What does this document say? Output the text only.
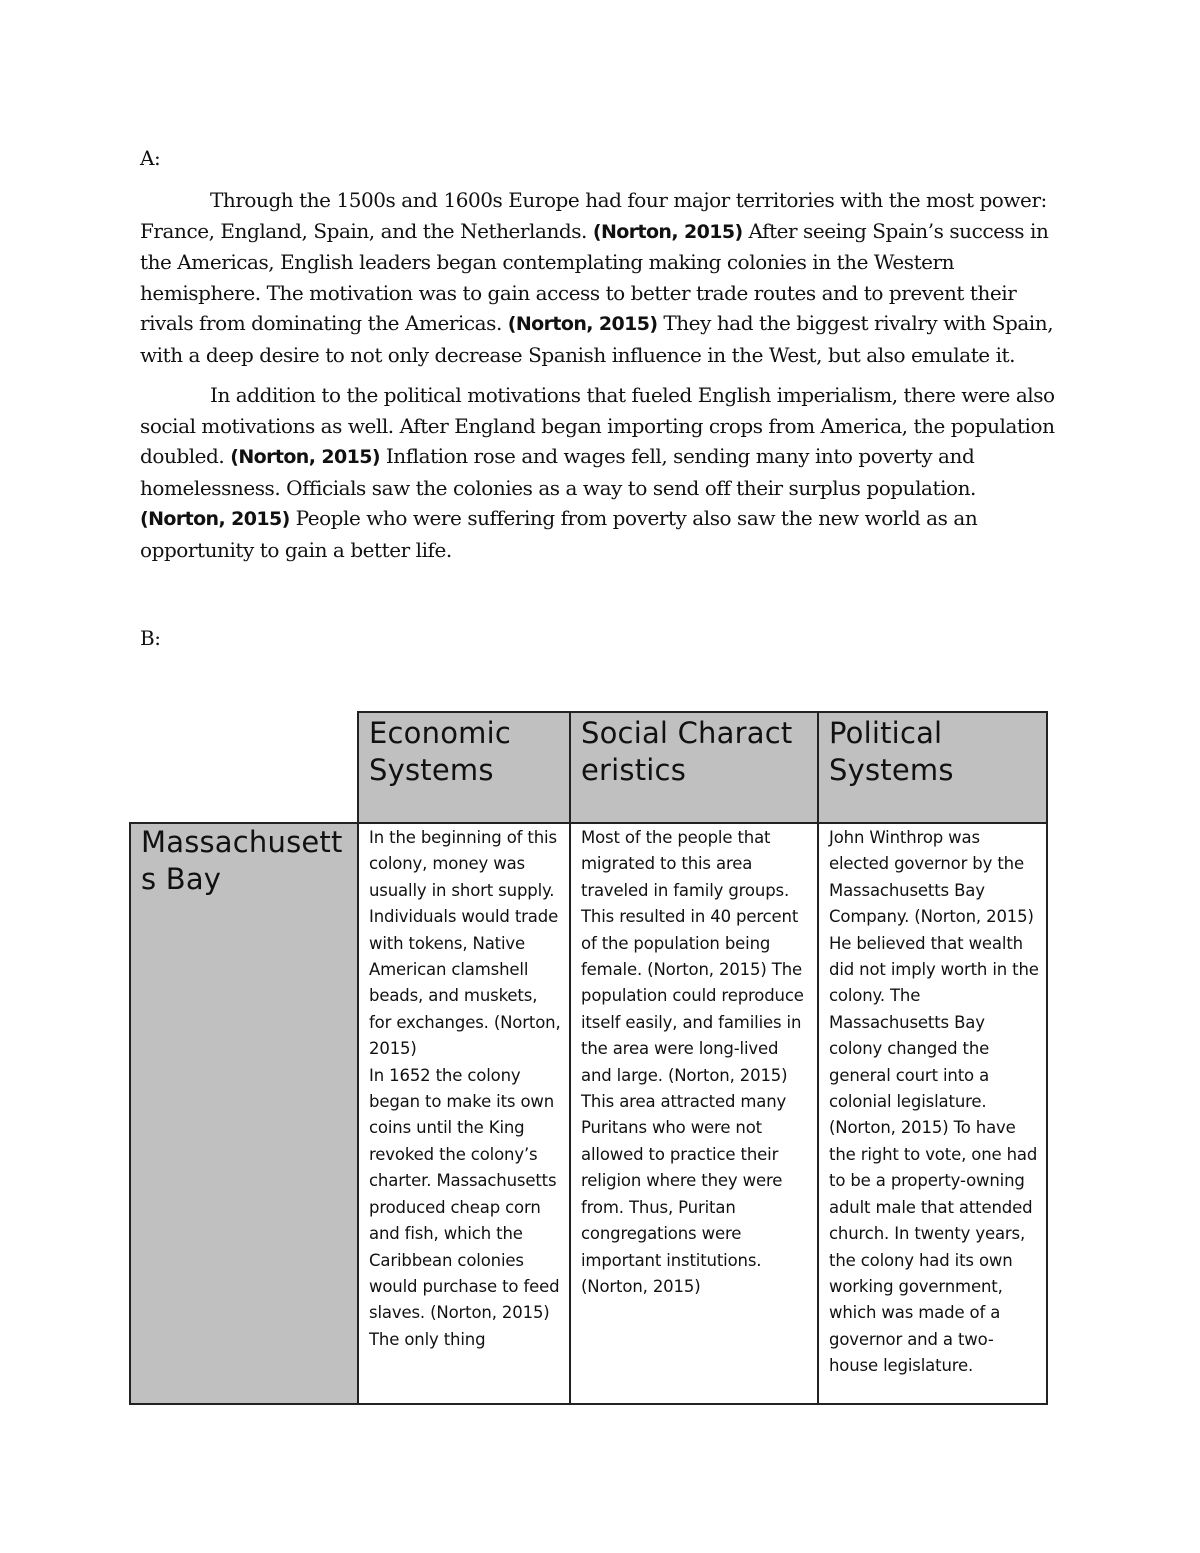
A:

Through the 1500s and 1600s Europe had four major territories with the most power: France, England, Spain, and the Netherlands. (Norton, 2015) After seeing Spain’s success in the Americas, English leaders began contemplating making colonies in the Western hemisphere. The motivation was to gain access to better trade routes and to prevent their rivals from dominating the Americas. (Norton, 2015) They had the biggest rivalry with Spain, with a deep desire to not only decrease Spanish influence in the West, but also emulate it.

In addition to the political motivations that fueled English imperialism, there were also social motivations as well. After England began importing crops from America, the population doubled. (Norton, 2015) Inflation rose and wages fell, sending many into poverty and homelessness. Officials saw the colonies as a way to send off their surplus population. (Norton, 2015) People who were suffering from poverty also saw the new world as an opportunity to gain a better life.

B:

Economic Systems
Social Characteristics
Political Systems
Massachusetts Bay
In the beginning of this colony, money was usually in short supply. Individuals would trade with tokens, Native American clamshell beads, and muskets, for exchanges. (Norton, 2015)
In 1652 the colony began to make its own coins until the King revoked the colony’s charter. Massachusetts produced cheap corn and fish, which the Caribbean colonies would purchase to feed slaves. (Norton, 2015) The only thing
Most of the people that migrated to this area traveled in family groups. This resulted in 40 percent of the population being female. (Norton, 2015) The population could reproduce itself easily, and families in the area were long-lived and large. (Norton, 2015) This area attracted many Puritans who were not allowed to practice their religion where they were from. Thus, Puritan congregations were important institutions. (Norton, 2015)
John Winthrop was elected governor by the Massachusetts Bay Company. (Norton, 2015) He believed that wealth did not imply worth in the colony. The Massachusetts Bay colony changed the general court into a colonial legislature. (Norton, 2015) To have the right to vote, one had to be a property-owning adult male that attended church. In twenty years, the colony had its own working government, which was made of a governor and a two-house legislature.
